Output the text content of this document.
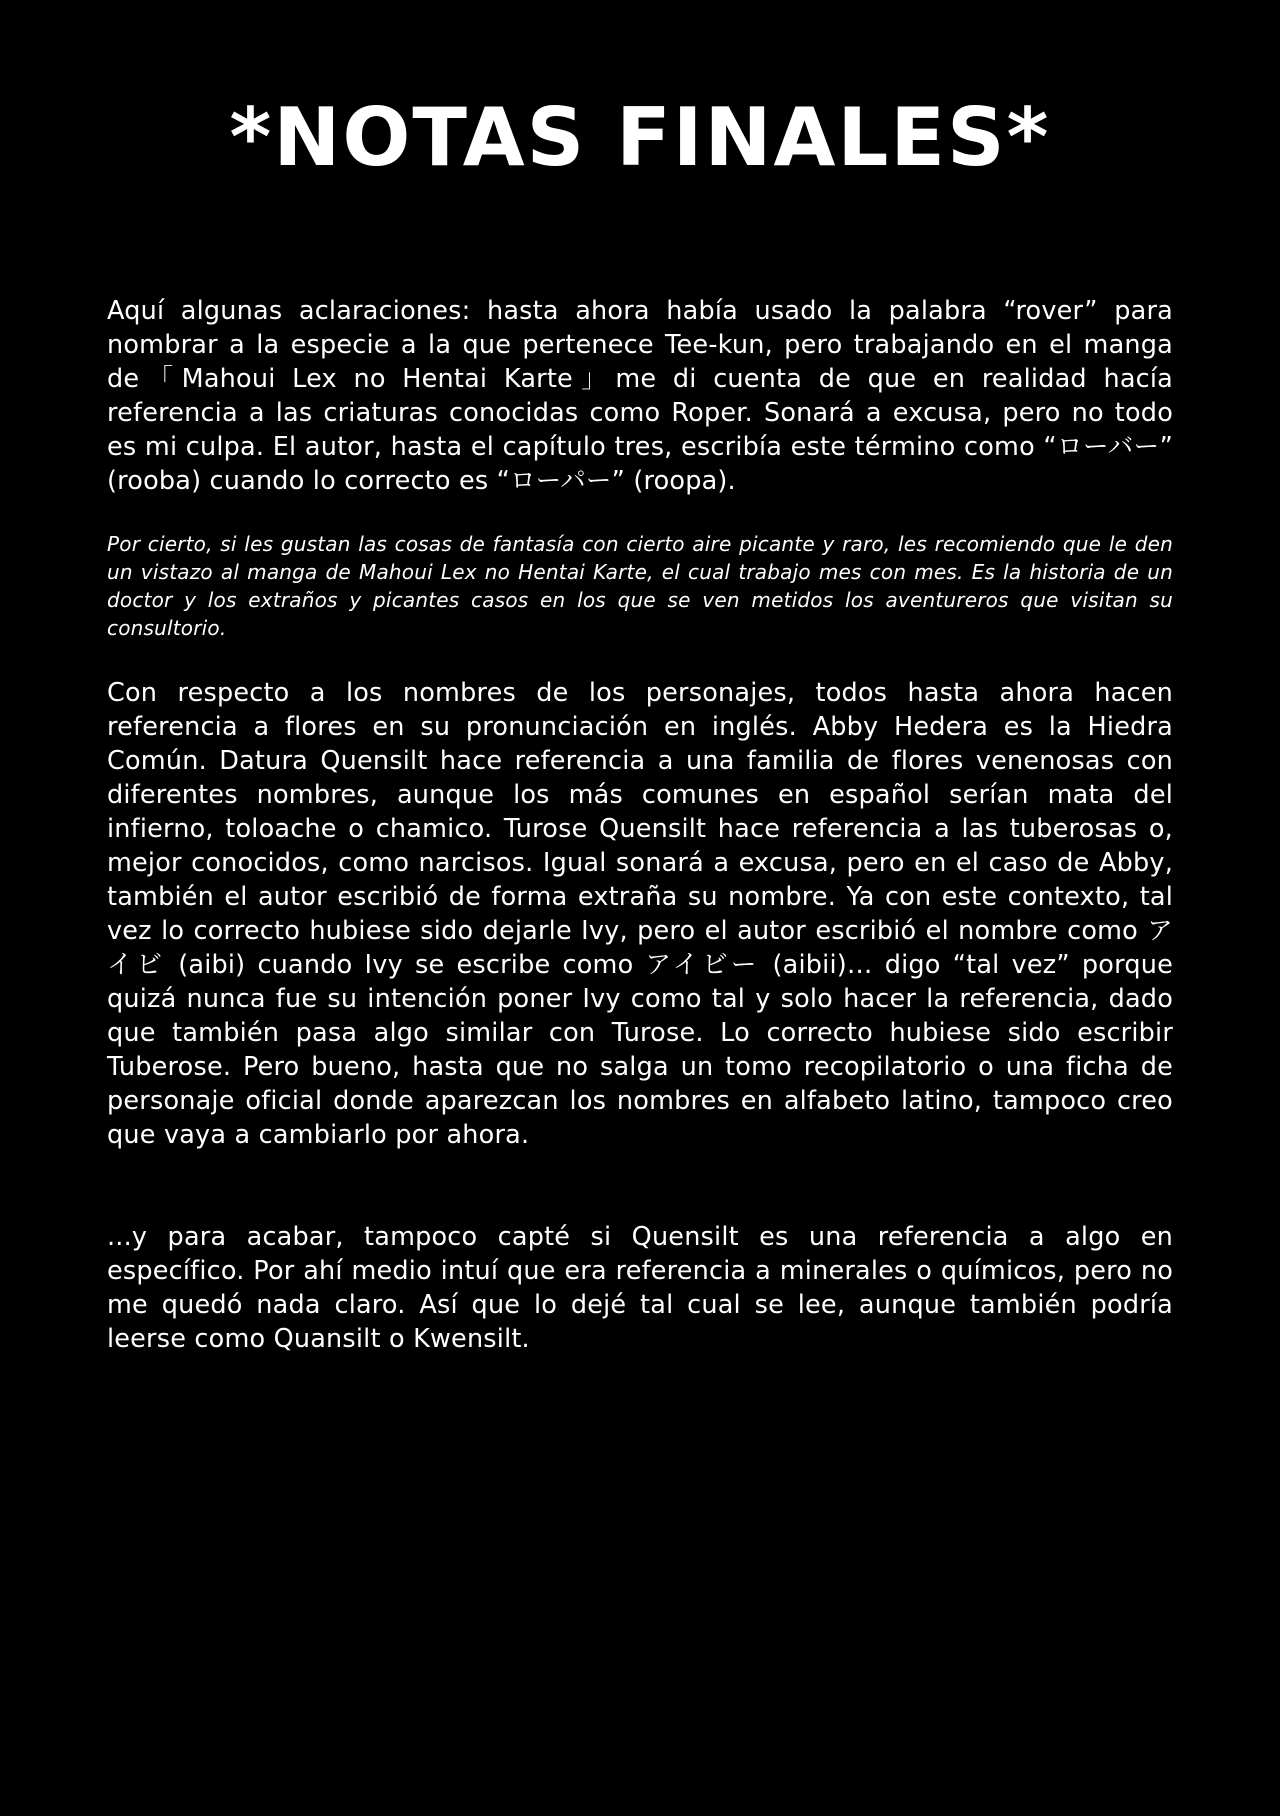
*NOTAS FINALES*

Aquí algunas aclaraciones: hasta ahora había usado la palabra “rover” para nombrar a la especie a la que pertenece Tee-kun, pero trabajando en el manga de「Mahoui Lex no Hentai Karte」me di cuenta de que en realidad hacía referencia a las criaturas conocidas como Roper. Sonará a excusa, pero no todo es mi culpa. El autor, hasta el capítulo tres, escribía este término como “ローバー” (rooba) cuando lo correcto es “ローパー” (roopa).

Por cierto, si les gustan las cosas de fantasía con cierto aire picante y raro, les recomiendo que le den un vistazo al manga de Mahoui Lex no Hentai Karte, el cual trabajo mes con mes. Es la historia de un doctor y los extraños y picantes casos en los que se ven metidos los aventureros que visitan su consultorio.

Con respecto a los nombres de los personajes, todos hasta ahora hacen referencia a flores en su pronunciación en inglés. Abby Hedera es la Hiedra Común. Datura Quensilt hace referencia a una familia de flores venenosas con diferentes nombres, aunque los más comunes en español serían mata del infierno, toloache o chamico. Turose Quensilt hace referencia a las tuberosas o, mejor conocidos, como narcisos. Igual sonará a excusa, pero en el caso de Abby, también el autor escribió de forma extraña su nombre. Ya con este contexto, tal vez lo correcto hubiese sido dejarle Ivy, pero el autor escribió el nombre como アイビ (aibi) cuando Ivy se escribe como アイビー (aibii)… digo “tal vez” porque quizá nunca fue su intención poner Ivy como tal y solo hacer la referencia, dado que también pasa algo similar con Turose. Lo correcto hubiese sido escribir Tuberose. Pero bueno, hasta que no salga un tomo recopilatorio o una ficha de personaje oficial donde aparezcan los nombres en alfabeto latino, tampoco creo que vaya a cambiarlo por ahora.

...y para acabar, tampoco capté si Quensilt es una referencia a algo en específico. Por ahí medio intuí que era referencia a minerales o químicos, pero no me quedó nada claro. Así que lo dejé tal cual se lee, aunque también podría leerse como Quansilt o Kwensilt.
